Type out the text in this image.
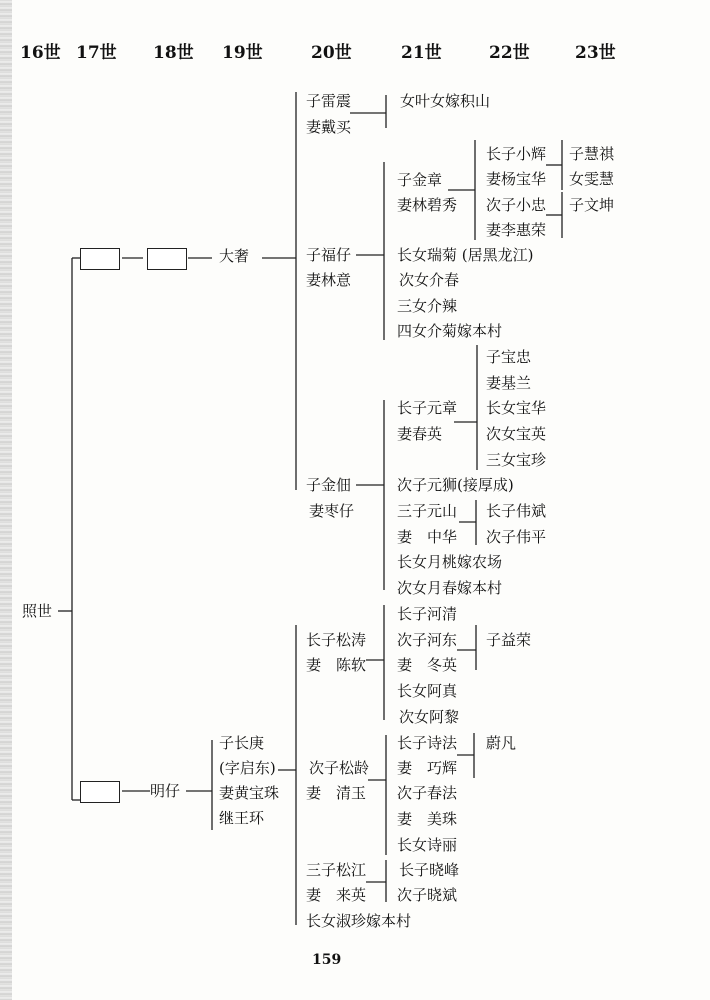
16世 17世 18世 19世	20世	21世	22世	23世
照世
大奢
子雷震
妻戴买
女叶女嫁积山
子金章
妻林碧秀
长子小辉
妻杨宝华
次子小忠
妻李惠荣
子慧祺
女雯慧
子文坤
子福仔
妻林意
长女瑞菊 (居黑龙江)
次女介春
三女介辣
四女介菊嫁本村
子宝忠
妻基兰
长子元章
妻春英
长女宝华
次女宝英
三女宝珍
子金佃
妻枣仔
次子元狮(接厚成)
三子元山
妻　中华
长子伟斌
次子伟平
长女月桃嫁农场
次女月春嫁本村
明仔
子长庚
(字启东)
妻黄宝珠
继王环
长子河清
长子松涛
妻　陈软
次子河东
妻　冬英
子益荣
长女阿真
次女阿黎
长子诗法
妻　巧辉
蔚凡
次子松龄
妻　清玉 次子春法
妻　美珠
长女诗丽
三子松江
妻　来英
长子晓峰
次子晓斌
长女淑珍嫁本村
159
